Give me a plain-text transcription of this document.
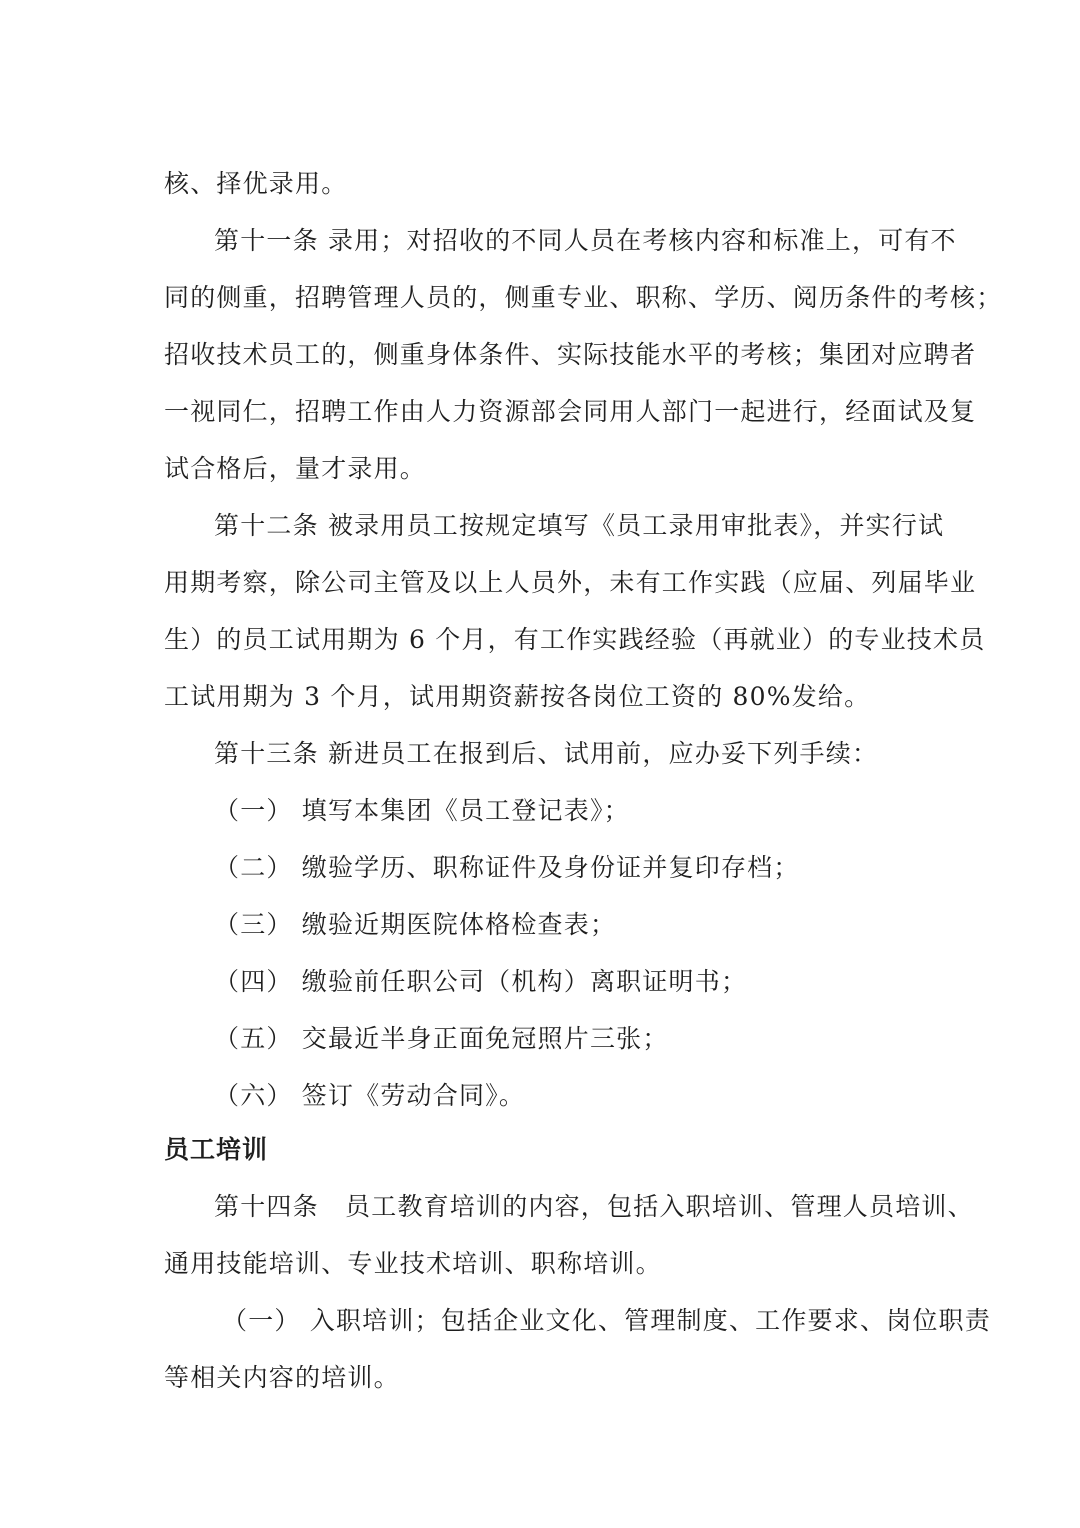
核、择优录用。
第十一条 录用；对招收的不同人员在考核内容和标准上，可有不
同的侧重，招聘管理人员的，侧重专业、职称、学历、阅历条件的考核；
招收技术员工的，侧重身体条件、实际技能水平的考核；集团对应聘者
一视同仁，招聘工作由人力资源部会同用人部门一起进行，经面试及复
试合格后，量才录用。
第十二条 被录用员工按规定填写《员工录用审批表》，并实行试
用期考察，除公司主管及以上人员外，未有工作实践（应届、列届毕业
生）的员工试用期为 6 个月，有工作实践经验（再就业）的专业技术员
工试用期为 3 个月，试用期资薪按各岗位工资的 80%发给。
第十三条 新进员工在报到后、试用前，应办妥下列手续：
（一） 填写本集团《员工登记表》；
（二） 缴验学历、职称证件及身份证并复印存档；
（三） 缴验近期医院体格检查表；
（四） 缴验前任职公司（机构）离职证明书；
（五） 交最近半身正面免冠照片三张；
（六） 签订《劳动合同》。
员工培训
第十四条　员工教育培训的内容，包括入职培训、管理人员培训、
通用技能培训、专业技术培训、职称培训。
（一） 入职培训；包括企业文化、管理制度、工作要求、岗位职责
等相关内容的培训。
